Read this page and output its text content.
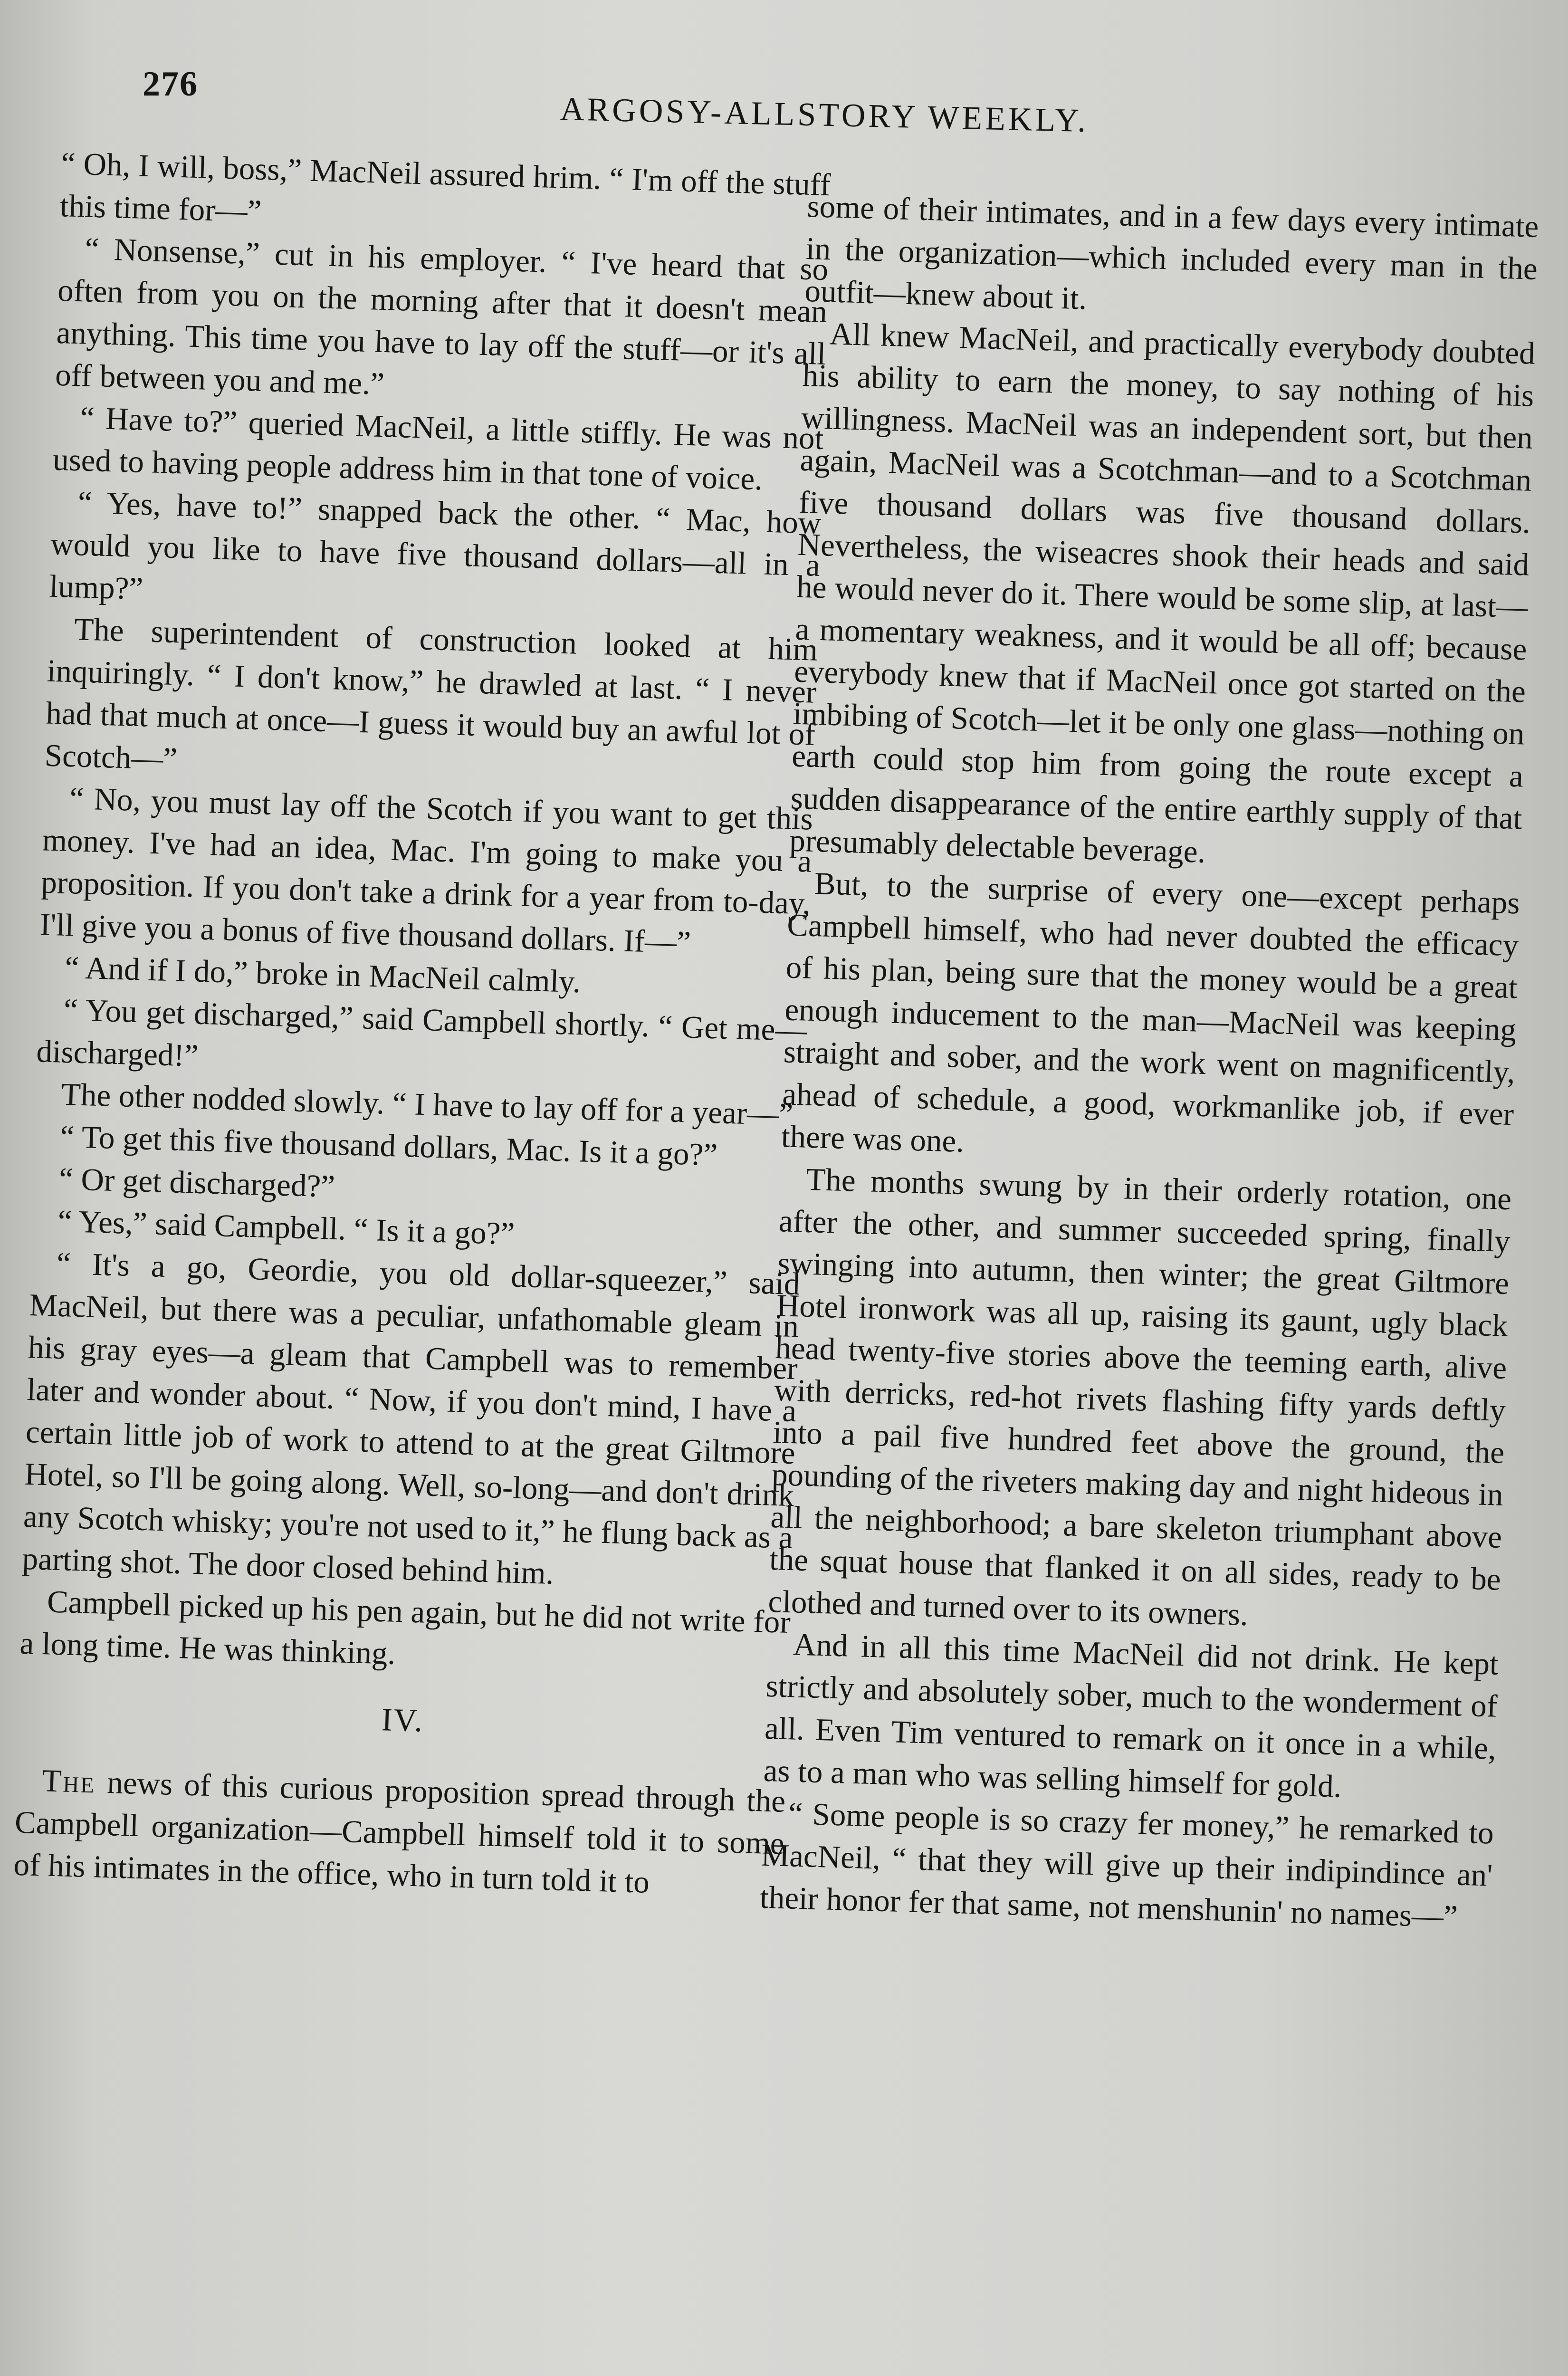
276
ARGOSY-ALLSTORY WEEKLY.

“ Oh, I will, boss,” MacNeil assured hrim. “ I'm off the stuff this time for—”

“ Nonsense,” cut in his employer. “ I've heard that so often from you on the morning after that it doesn't mean anything. This time you have to lay off the stuff—or it's all off between you and me.”

“ Have to?” queried MacNeil, a little stiffly. He was not used to having people address him in that tone of voice.

“ Yes, have to!” snapped back the other. “ Mac, how would you like to have five thousand dollars—all in a lump?”

The superintendent of construction looked at him inquiringly. “ I don't know,” he drawled at last. “ I never had that much at once—I guess it would buy an awful lot of Scotch—”

“ No, you must lay off the Scotch if you want to get this money. I've had an idea, Mac. I'm going to make you a proposition. If you don't take a drink for a year from to-day, I'll give you a bonus of five thousand dollars. If—”

“ And if I do,” broke in MacNeil calmly.

“ You get discharged,” said Campbell shortly. “ Get me—discharged!”

The other nodded slowly. “ I have to lay off for a year—”

“ To get this five thousand dollars, Mac. Is it a go?”

“ Or get discharged?”

“ Yes,” said Campbell. “ Is it a go?”

“ It's a go, Geordie, you old dollar-squeezer,” said MacNeil, but there was a peculiar, unfathomable gleam in his gray eyes—a gleam that Campbell was to remember later and wonder about. “ Now, if you don't mind, I have a certain little job of work to attend to at the great Giltmore Hotel, so I'll be going along. Well, so-long—and don't drink any Scotch whisky; you're not used to it,” he flung back as a parting shot. The door closed behind him.

Campbell picked up his pen again, but he did not write for a long time. He was thinking.

IV.

The news of this curious proposition spread through the Campbell organization—Campbell himself told it to some of his intimates in the office, who in turn told it to

some of their intimates, and in a few days every intimate in the organization—which included every man in the outfit—knew about it.

All knew MacNeil, and practically everybody doubted his ability to earn the money, to say nothing of his willingness. MacNeil was an independent sort, but then again, MacNeil was a Scotchman—and to a Scotchman five thousand dollars was five thousand dollars. Nevertheless, the wiseacres shook their heads and said he would never do it. There would be some slip, at last—a momentary weakness, and it would be all off; because everybody knew that if MacNeil once got started on the imbibing of Scotch—let it be only one glass—nothing on earth could stop him from going the route except a sudden disappearance of the entire earthly supply of that presumably delectable beverage.

But, to the surprise of every one—except perhaps Campbell himself, who had never doubted the efficacy of his plan, being sure that the money would be a great enough inducement to the man—MacNeil was keeping straight and sober, and the work went on magnificently, ahead of schedule, a good, workmanlike job, if ever there was one.

The months swung by in their orderly rotation, one after the other, and summer succeeded spring, finally swinging into autumn, then winter; the great Giltmore Hotel ironwork was all up, raising its gaunt, ugly black head twenty-five stories above the teeming earth, alive with derricks, red-hot rivets flashing fifty yards deftly into a pail five hundred feet above the ground, the pounding of the riveters making day and night hideous in all the neighborhood; a bare skeleton triumphant above the squat house that flanked it on all sides, ready to be clothed and turned over to its owners.

And in all this time MacNeil did not drink. He kept strictly and absolutely sober, much to the wonderment of all. Even Tim ventured to remark on it once in a while, as to a man who was selling himself for gold.

“ Some people is so crazy fer money,” he remarked to MacNeil, “ that they will give up their indipindince an' their honor fer that same, not menshunin' no names—”
